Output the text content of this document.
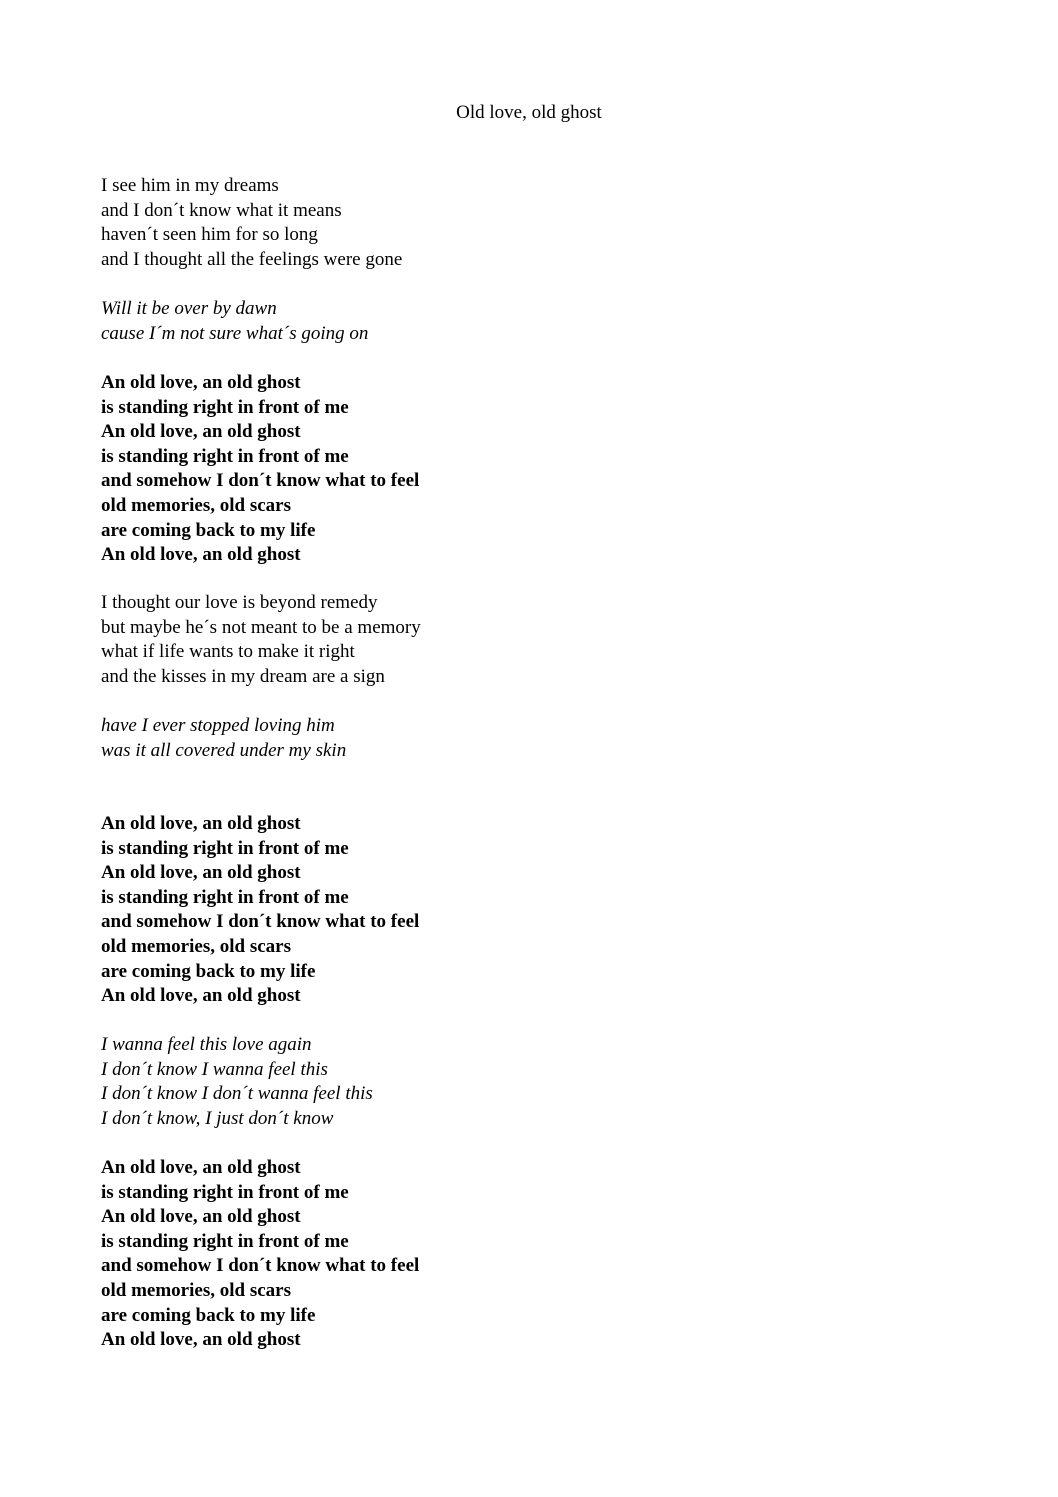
Old love, old ghost
I see him in my dreams
and I don´t know what it means
haven´t seen him for so long
and I thought all the feelings were gone
Will it be over by dawn
cause I´m not sure what´s going on
An old love, an old ghost
is standing right in front of me
An old love, an old ghost
is standing right in front of me
and somehow I don´t know what to feel
old memories, old scars
are coming back to my life
An old love, an old ghost
I thought our love is beyond remedy
but maybe he´s not meant to be a memory
what if life wants to make it right
and the kisses in my dream are a sign
have I ever stopped loving him
was it all covered under my skin
An old love, an old ghost
is standing right in front of me
An old love, an old ghost
is standing right in front of me
and somehow I don´t know what to feel
old memories, old scars
are coming back to my life
An old love, an old ghost
I wanna feel this love again
I don´t know I wanna feel this
I don´t know I don´t wanna feel this
I don´t know, I just don´t know
An old love, an old ghost
is standing right in front of me
An old love, an old ghost
is standing right in front of me
and somehow I don´t know what to feel
old memories, old scars
are coming back to my life
An old love, an old ghost
